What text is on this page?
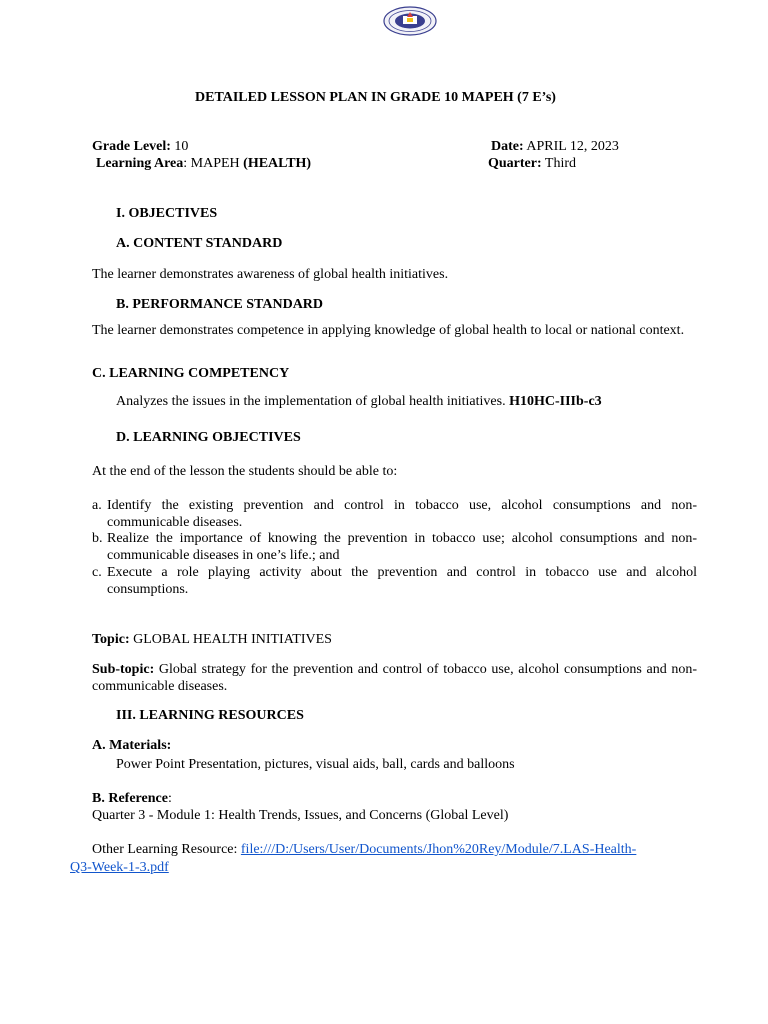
DETAILED LESSON PLAN IN GRADE 10 MAPEH (7 E’s)
Grade Level: 10
Learning Area: MAPEH (HEALTH)
Date: APRIL 12, 2023
Quarter: Third
I. OBJECTIVES
A. CONTENT STANDARD
The learner demonstrates awareness of global health initiatives.
B. PERFORMANCE STANDARD
The learner demonstrates competence in applying knowledge of global health to local or national context.
C. LEARNING COMPETENCY
Analyzes the issues in the implementation of global health initiatives. H10HC-IIIb-c3
D. LEARNING OBJECTIVES
At the end of the lesson the students should be able to:
a. Identify the existing prevention and control in tobacco use, alcohol consumptions and non-communicable diseases.
b. Realize the importance of knowing the prevention in tobacco use; alcohol consumptions and non-communicable diseases in one’s life.; and
c. Execute a role playing activity about the prevention and control in tobacco use and alcohol consumptions.
Topic: GLOBAL HEALTH INITIATIVES
Sub-topic: Global strategy for the prevention and control of tobacco use, alcohol consumptions and non-communicable diseases.
III. LEARNING RESOURCES
A. Materials:
Power Point Presentation, pictures, visual aids, ball, cards and balloons
B. Reference:
Quarter 3 - Module 1: Health Trends, Issues, and Concerns (Global Level)
Other Learning Resource: file:///D:/Users/User/Documents/Jhon%20Rey/Module/7.LAS-Health-
Q3-Week-1-3.pdf
